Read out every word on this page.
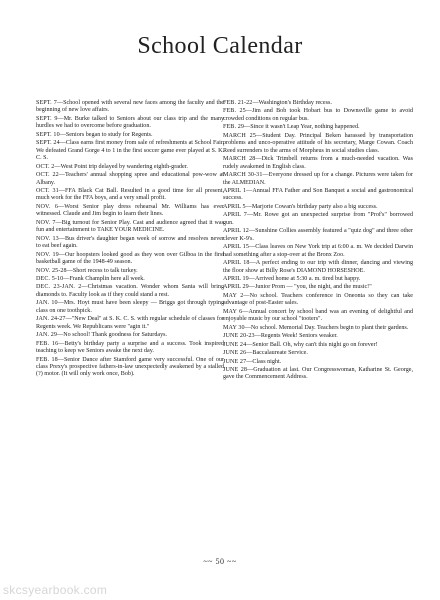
School Calendar

SEPT. 7—School opened with several new faces among the faculty and the beginning of new love affairs.

SEPT. 9—Mr. Burke talked to Seniors about our class trip and the many hurdles we had to overcome before graduation.

SEPT. 10—Seniors began to study for Regents.

SEPT. 24—Class earns first money from sale of refreshments at School Fair. We defeated Grand Gorge 4 to 1 in the first soccer game ever played at S. K. C. S.

OCT. 2—West Point trip delayed by wandering eighth-grader.

OCT. 22—Teachers' annual shopping spree and educational pow-wow at Albany.

OCT. 31—FFA Black Cat Ball. Resulted in a good time for all present, much work for the FFA boys, and a very small profit.

NOV. 6—Worst Senior play dress rehearsal Mr. Williams has ever witnessed. Claude and Jim begin to learn their lines.

NOV. 7—Big turnout for Senior Play. Cast and audience agreed that it was fun and entertainment to TAKE YOUR MEDICINE.

NOV. 13—Bus driver's daughter began week of sorrow and resolves never to eat beef again.

NOV. 19—Our hoopsters looked good as they won over Gilboa in the first basketball game of the 1948-49 season.

NOV. 25-28—Short recess to talk turkey.

DEC. 5-10—Frank Champlin here all week.

DEC. 23-JAN. 2—Christmas vacation. Wonder whom Santa will bring diamonds to. Faculty look as if they could stand a rest.

JAN. 10—Mrs. Hoyt must have been sleepy — Briggs got through typing class on one toothpick.

JAN. 24-27—"New Deal" at S. K. C. S. with regular schedule of classes for Regents week. We Republicans were "agin it."

JAN. 29—No school! Thank goodness for Saturdays.

FEB. 16—Betty's birthday party a surprise and a success. Took inspired teaching to keep we Seniors awake the next day.

FEB. 18—Senior Dance after Stamford game very successful. One of our class Prexy's prospective fathers-in-law unexpectedly awakened by a stalled (?) motor. (It will only work once, Bob).

FEB. 21-22—Washington's Birthday recess.

FEB. 25—Jim and Bob took Hobart bus to Downsville game to avoid crowded conditions on regular bus.

FEB. 29—Since it wasn't Leap Year, nothing happened.

MARCH 25—Student Day. Principal Beken harassed by transportation problems and unco-operative attitude of his secretary, Marge Cowan. Coach Reed surrenders to the arms of Morpheus in social studies class.

MARCH 28—Dick Trimbell returns from a much-needed vacation. Was rudely awakened in English class.

MARCH 30-31—Everyone dressed up for a change. Pictures were taken for the ALMEDIAN.

APRIL 1—Annual FFA Father and Son Banquet a social and gastronomical success.

APRIL 5—Marjorie Cowan's birthday party also a big success.

APRIL 7—Mr. Rowe got an unexpected surprise from "Prof's" borrowed gun.

APRIL 12—Sunshine Collies assembly featured a "quiz dog" and three other clever K-9's.

APRIL 15—Class leaves on New York trip at 6:00 a. m. We decided Darwin had something after a stop-over at the Bronx Zoo.

APRIL 18—A perfect ending to our trip with dinner, dancing and viewing the floor show at Billy Rose's DIAMOND HORSESHOE.

APRIL 19—Arrived home at 5:30 a. m. tired but happy.

APRIL 29—Junior Prom — "you, the night, and the music!"

MAY 2—No school. Teachers conference in Oneonta so they can take advantage of post-Easter sales.

MAY 6—Annual concert by school band was an evening of delightful and enjoyable music by our school "tooters".

MAY 30—No school. Memorial Day. Teachers begin to plant their gardens.

JUNE 20-23—Regents Week! Seniors weaker.

JUNE 24—Senior Ball. Oh, why can't this night go on forever!

JUNE 26—Baccalaureate Service.

JUNE 27—Class night.

JUNE 28—Graduation at last. Our Congresswoman, Katharine St. George, gave the Commencement Address.

~~ 50 ~~
skcsyearbook.com
